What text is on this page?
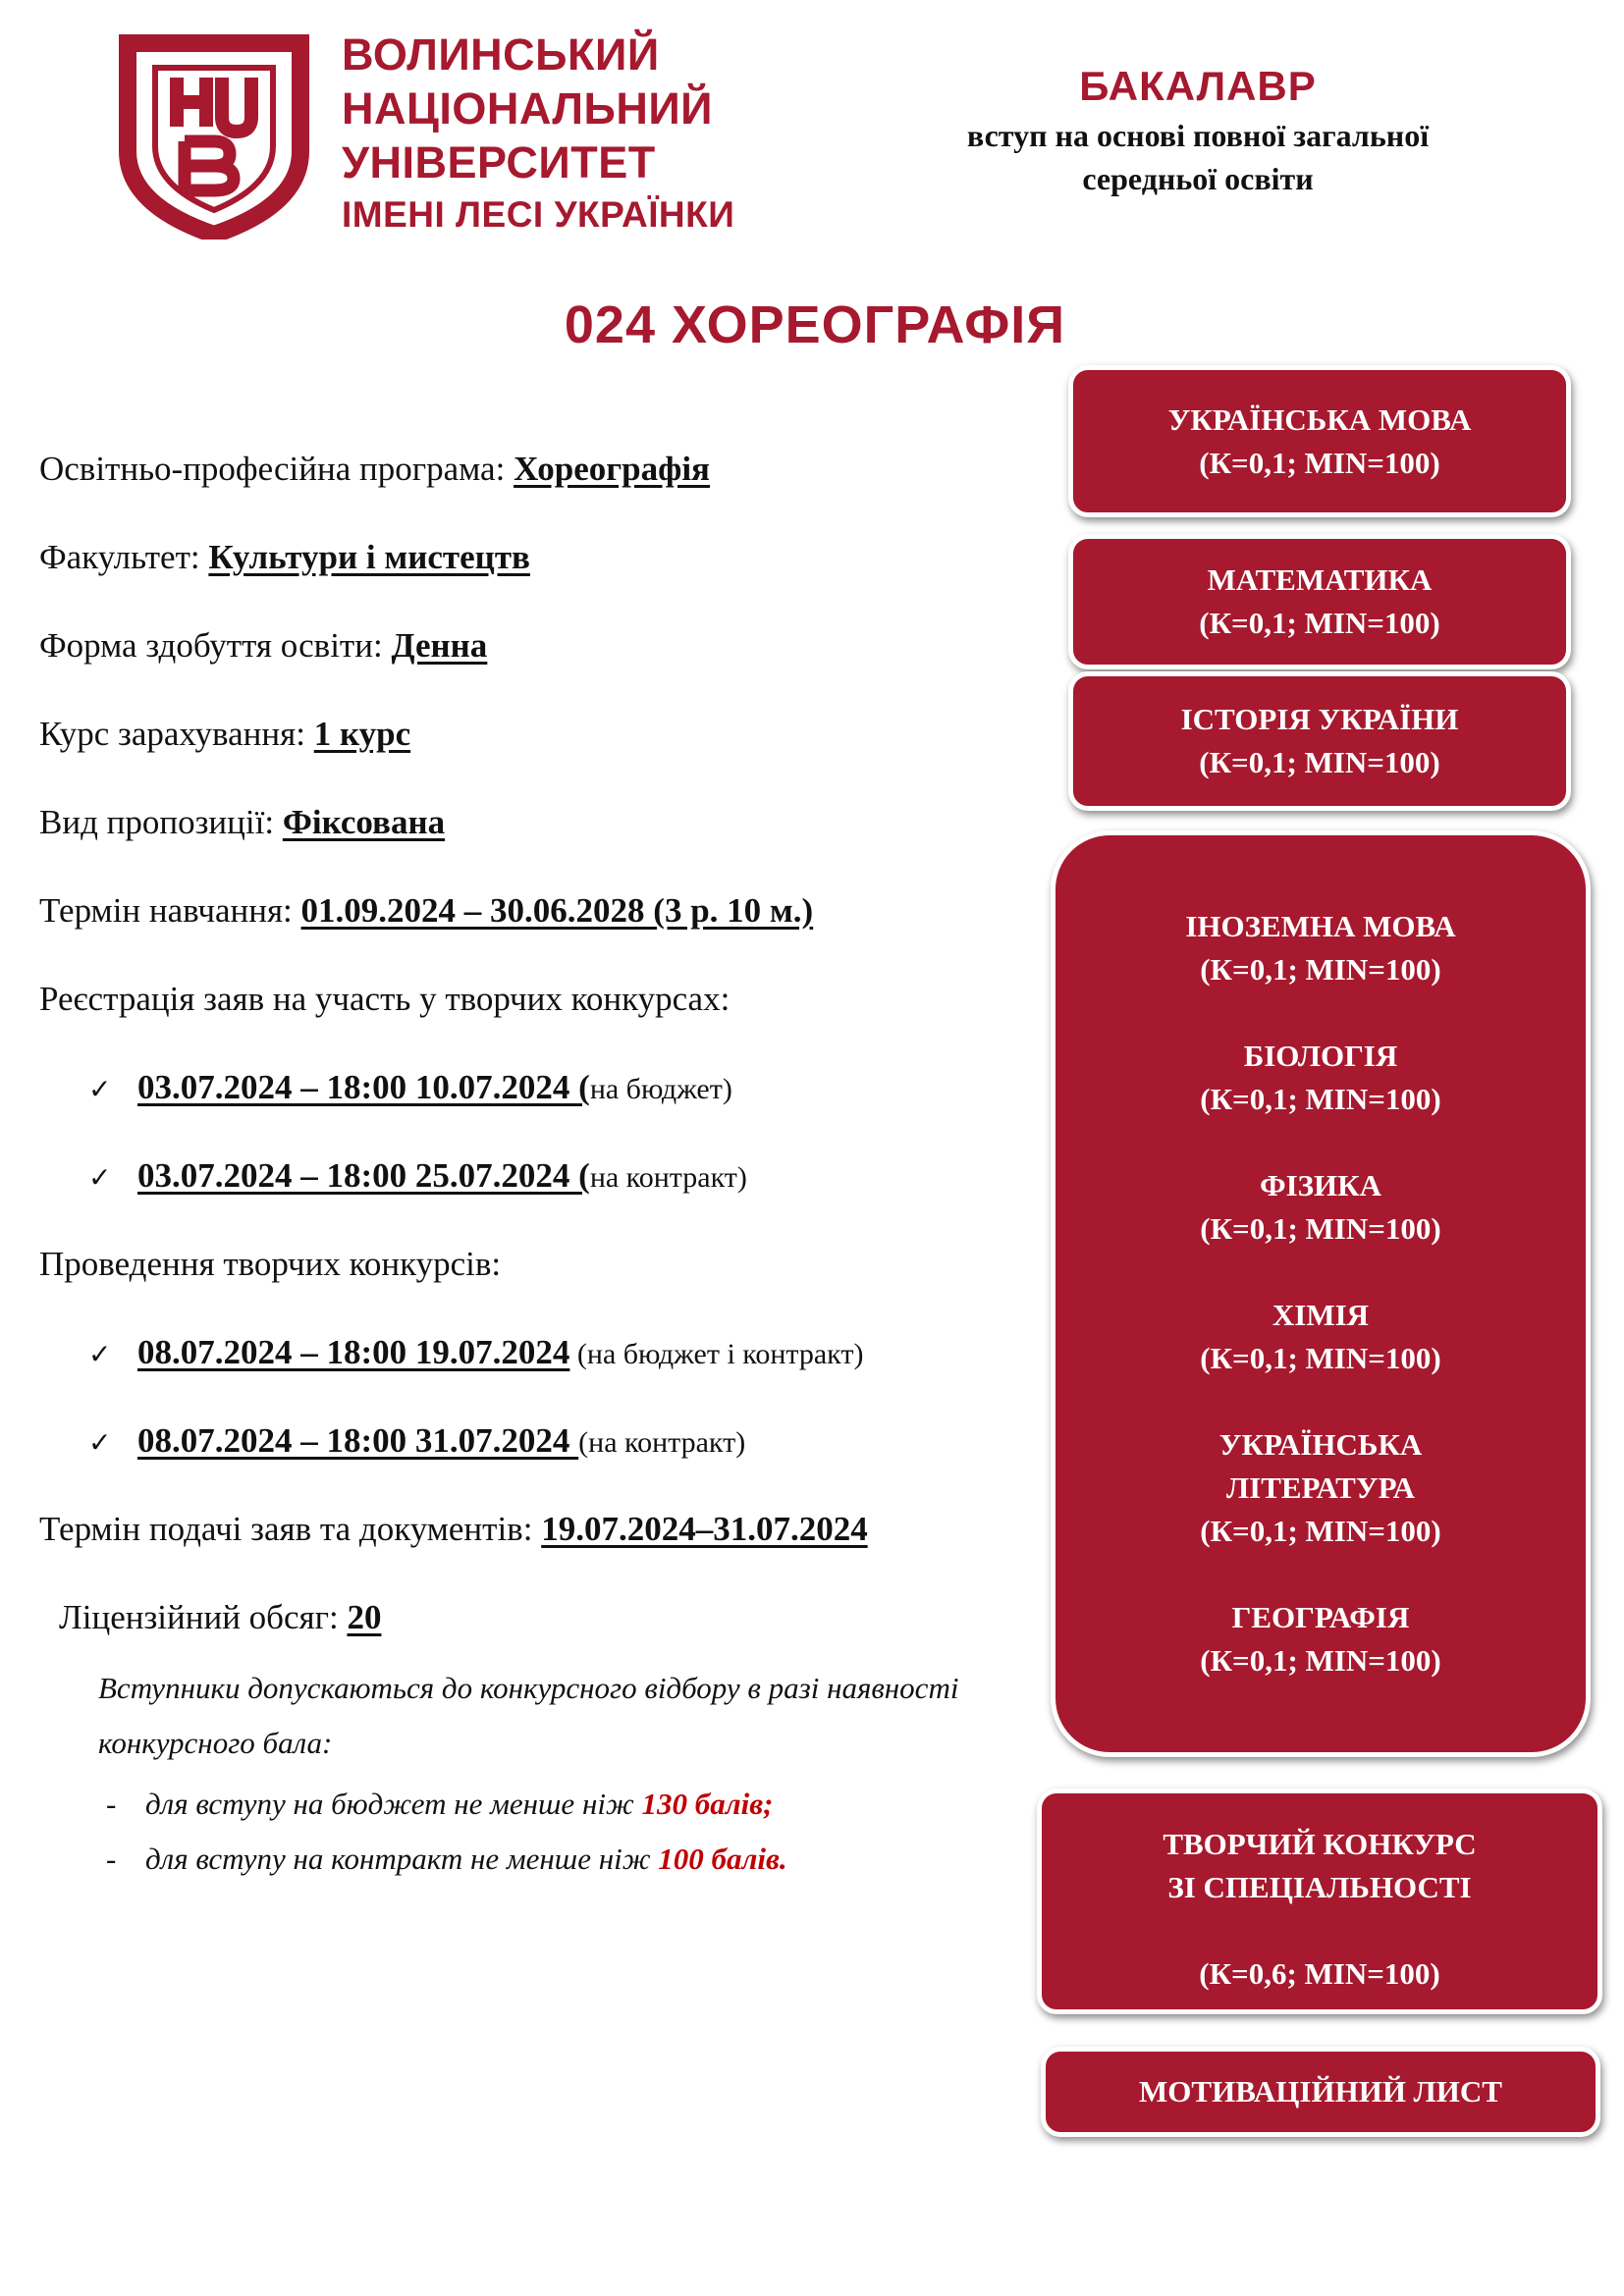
ВОЛИНСЬКИЙ
НАЦІОНАЛЬНИЙ
УНІВЕРСИТЕТ
ІМЕНІ ЛЕСІ УКРАЇНКИ
БАКАЛАВР
вступ на основі повної загальної
середньої освіти
024 ХОРЕОГРАФІЯ
Освітньо-професійна програма: Хореографія
Факультет: Культури і мистецтв
Форма здобуття освіти: Денна
Курс зарахування: 1 курс
Вид пропозиції: Фіксована
Термін навчання: 01.09.2024 – 30.06.2028 (3 р. 10 м.)
Реєстрація заяв на участь у творчих конкурсах:
✓ 03.07.2024 – 18:00 10.07.2024 (на бюджет)
✓ 03.07.2024 – 18:00 25.07.2024 (на контракт)
Проведення творчих конкурсів:
✓ 08.07.2024 – 18:00 19.07.2024 (на бюджет і контракт)
✓ 08.07.2024 – 18:00 31.07.2024 (на контракт)
Термін подачі заяв та документів: 19.07.2024–31.07.2024
Ліцензійний обсяг: 20
Вступники допускаються до конкурсного відбору в разі наявності
конкурсного бала:
- для вступу на бюджет не менше ніж 130 балів;
- для вступу на контракт не менше ніж 100 балів.
УКРАЇНСЬКА МОВА
(К=0,1; MIN=100)
МАТЕМАТИКА
(К=0,1; MIN=100)
ІСТОРІЯ УКРАЇНИ
(К=0,1; MIN=100)
ІНОЗЕМНА МОВА
(К=0,1; MIN=100)
БІОЛОГІЯ
(К=0,1; MIN=100)
ФІЗИКА
(К=0,1; MIN=100)
ХІМІЯ
(К=0,1; MIN=100)
УКРАЇНСЬКА
ЛІТЕРАТУРА
(К=0,1; MIN=100)
ГЕОГРАФІЯ
(К=0,1; MIN=100)
ТВОРЧИЙ КОНКУРС
ЗІ СПЕЦІАЛЬНОСТІ
(К=0,6; MIN=100)
МОТИВАЦІЙНИЙ ЛИСТ
